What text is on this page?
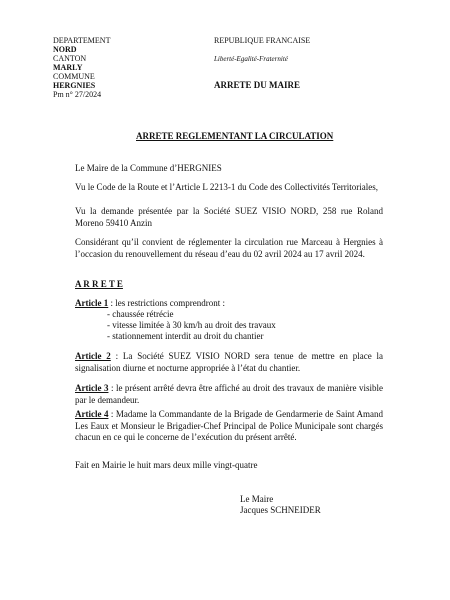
DEPARTEMENT
NORD
CANTON
MARLY
COMMUNE
HERGNIES
Pm n° 27/2024
REPUBLIQUE FRANCAISE
Liberté-Egalité-Fraternité
ARRETE DU MAIRE
ARRETE REGLEMENTANT LA CIRCULATION
Le Maire de la Commune d’HERGNIES
Vu le Code de la Route et l’Article L 2213-1 du Code des Collectivités Territoriales,
Vu la demande présentée par la Société SUEZ VISIO NORD, 258 rue Roland Moreno 59410 Anzin
Considérant qu’il convient de réglementer la circulation rue Marceau à Hergnies à l’occasion du renouvellement du réseau d’eau du 02 avril 2024 au 17 avril 2024.
A R R E T E
Article 1 : les restrictions comprendront :
- chaussée rétrécie
- vitesse limitée à 30 km/h au droit des travaux
- stationnement interdit au droit du chantier
Article 2 : La Société SUEZ VISIO NORD sera tenue de mettre en place la signalisation diurne et nocturne appropriée à l’état du chantier.
Article 3 : le présent arrêté devra être affiché au droit des travaux de manière visible par le demandeur.
Article 4 : Madame la Commandante de la Brigade de Gendarmerie de Saint Amand Les Eaux et Monsieur le Brigadier-Chef Principal de Police Municipale sont chargés chacun en ce qui le concerne de l’exécution du présent arrêté.
Fait en Mairie le huit mars deux mille vingt-quatre
Le Maire
Jacques SCHNEIDER
